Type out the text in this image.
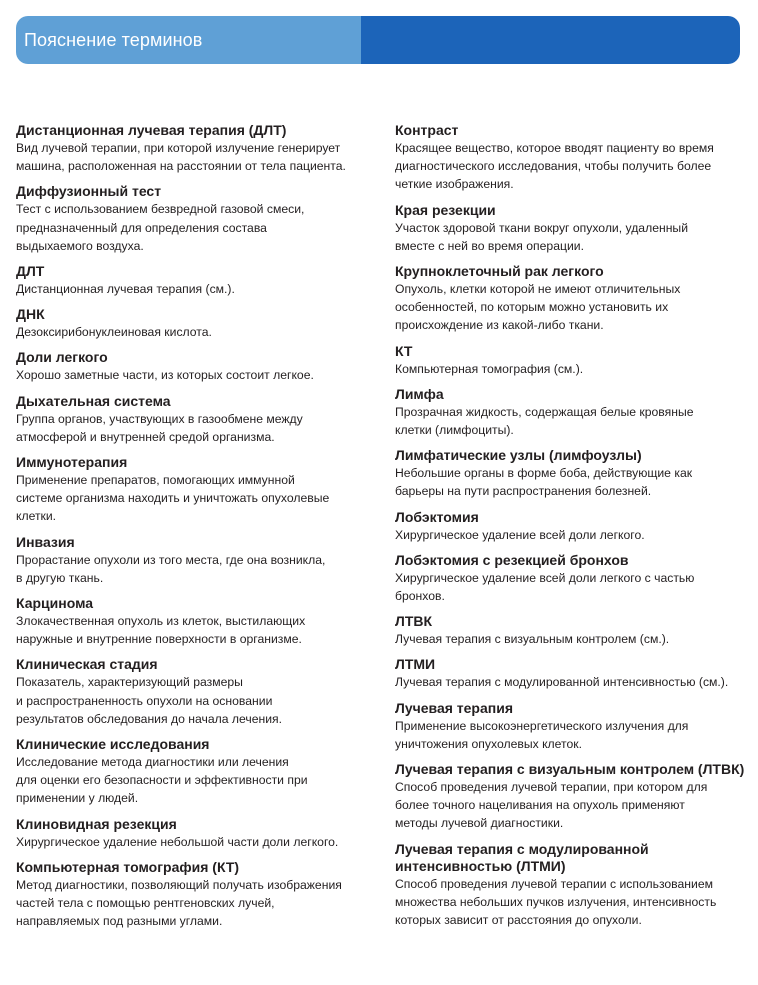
Пояснение терминов

Дистанционная лучевая терапия (ДЛТ)

Вид лучевой терапии, при которой излучение генерирует
машина, расположенная на расстоянии от тела пациента.

Диффузионный тест

Тест с использованием безвредной газовой смеси,
предназначенный для определения состава
выдыхаемого воздуха.

ДЛТ

Дистанционная лучевая терапия (см.).

ДНК

Дезоксирибонуклеиновая кислота.

Доли легкого

Хорошо заметные части, из которых состоит легкое.

Дыхательная система

Группа органов, участвующих в газообмене между
атмосферой и внутренней средой организма.

Иммунотерапия

Применение препаратов, помогающих иммунной
системе организма находить и уничтожать опухолевые
клетки.

Инвазия

Прорастание опухоли из того места, где она возникла,
в другую ткань.

Карцинома

Злокачественная опухоль из клеток, выстилающих
наружные и внутренние поверхности в организме.

Клиническая стадия

Показатель, характеризующий размеры
и распространенность опухоли на основании
результатов обследования до начала лечения.

Клинические исследования

Исследование метода диагностики или лечения
для оценки его безопасности и эффективности при
применении у людей.

Клиновидная резекция

Хирургическое удаление небольшой части доли легкого.

Компьютерная томография (КТ)

Метод диагностики, позволяющий получать изображения
частей тела с помощью рентгеновских лучей,
направляемых под разными углами.

Контраст

Красящее вещество, которое вводят пациенту во время
диагностического исследования, чтобы получить более
четкие изображения.

Края резекции

Участок здоровой ткани вокруг опухоли, удаленный
вместе с ней во время операции.

Крупноклеточный рак легкого

Опухоль, клетки которой не имеют отличительных
особенностей, по которым можно установить их
происхождение из какой-либо ткани.

КТ

Компьютерная томография (см.).

Лимфа

Прозрачная жидкость, содержащая белые кровяные
клетки (лимфоциты).

Лимфатические узлы (лимфоузлы)

Небольшие органы в форме боба, действующие как
барьеры на пути распространения болезней.

Лобэктомия

Хирургическое удаление всей доли легкого.

Лобэктомия с резекцией бронхов

Хирургическое удаление всей доли легкого с частью
бронхов.

ЛТВК

Лучевая терапия с визуальным контролем (см.).

ЛТМИ

Лучевая терапия с модулированной интенсивностью (см.).

Лучевая терапия

Применение высокоэнергетического излучения для
уничтожения опухолевых клеток.

Лучевая терапия с визуальным контролем (ЛТВК)

Способ проведения лучевой терапии, при котором для
более точного нацеливания на опухоль применяют
методы лучевой диагностики.

Лучевая терапия с модулированной
интенсивностью (ЛТМИ)

Способ проведения лучевой терапии с использованием
множества небольших пучков излучения, интенсивность
которых зависит от расстояния до опухоли.
